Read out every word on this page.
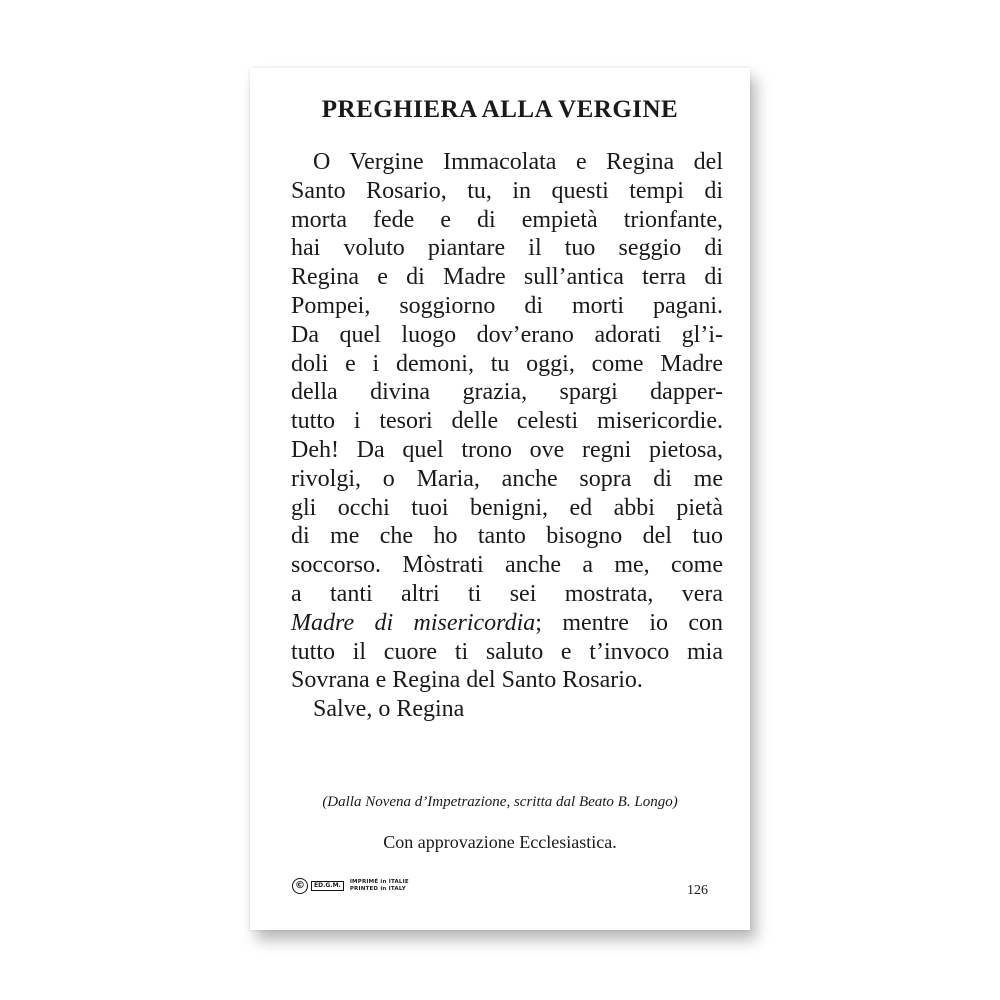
PREGHIERA ALLA VERGINE
O Vergine Immacolata e Regina del
Santo Rosario, tu, in questi tempi di
morta fede e di empietà trionfante,
hai voluto piantare il tuo seggio di
Regina e di Madre sull’antica terra di
Pompei, soggiorno di morti pagani.
Da quel luogo dov’erano adorati gl’i-
doli e i demoni, tu oggi, come Madre
della divina grazia, spargi dapper-
tutto i tesori delle celesti misericordie.
Deh! Da quel trono ove regni pietosa,
rivolgi, o Maria, anche sopra di me
gli occhi tuoi benigni, ed abbi pietà
di me che ho tanto bisogno del tuo
soccorso. Mòstrati anche a me, come
a tanti altri ti sei mostrata, vera
Madre di misericordia; mentre io con
tutto il cuore ti saluto e t’invoco mia
Sovrana e Regina del Santo Rosario.
Salve, o Regina
(Dalla Novena d’Impetrazione, scritta dal Beato B. Longo)
Con approvazione Ecclesiastica.
©	ED.G.M.	IMPRIMÉ in ITALIE
PRINTED in ITALY	126
